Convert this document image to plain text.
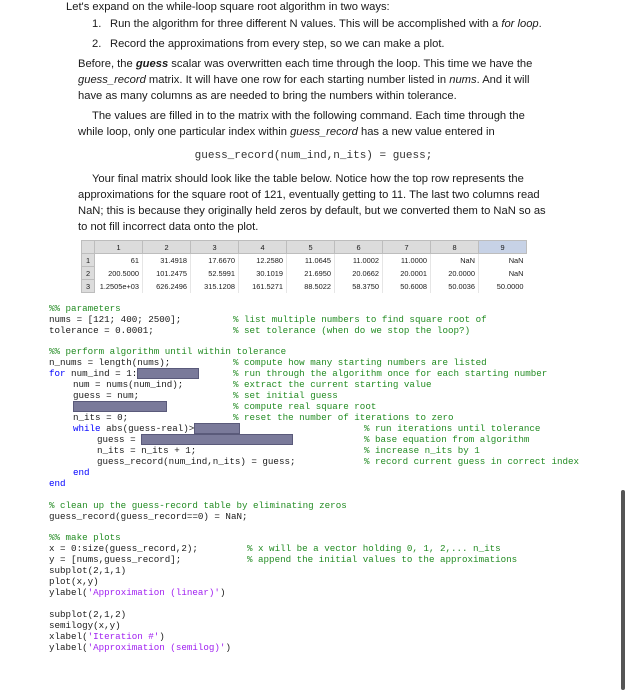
Let's expand on the while-loop square root algorithm in two ways:
1. Run the algorithm for three different N values. This will be accomplished with a for loop.
2. Record the approximations from every step, so we can make a plot.
Before, the guess scalar was overwritten each time through the loop. This time we have the
guess_record matrix. It will have one row for each starting number listed in nums. And it will
have as many columns as are needed to bring the numbers within tolerance.
The values are filled in to the matrix with the following command. Each time through the
while loop, only one particular index within guess_record has a new value entered in
guess_record(num_ind,n_its) = guess;
Your final matrix should look like the table below. Notice how the top row represents the
approximations for the square root of 121, eventually getting to 11. The last two columns read
NaN; this is because they originally held zeros by default, but we converted them to NaN so as
to not fill incorrect data onto the plot.
	1	2	3	4	5	6	7	8	9
1	61	31.4918	17.6670	12.2580	11.0645	11.0002	11.0000	NaN	NaN
2	200.5000	101.2475	52.5991	30.1019	21.6950	20.0662	20.0001	20.0000	NaN
3	1.2505e+03	626.2496	315.1208	161.5271	88.5022	58.3750	50.6008	50.0036	50.0000
%% parameters
nums = [121; 400; 2500];	% list multiple numbers to find square root of
tolerance = 0.0001;	% set tolerance (when do we stop the loop?)
%% perform algorithm until within tolerance
n_nums = length(nums);	% compute how many starting numbers are listed
for num_ind = 1:	% run through the algorithm once for each starting number
num = nums(num_ind);	% extract the current starting value
guess = num;	% set initial guess
% compute real square root
n_its = 0;	% reset the number of iterations to zero
while abs(guess-real)>	% run iterations until tolerance
guess =	% base equation from algorithm
n_its = n_its + 1;	% increase n_its by 1
guess_record(num_ind,n_its) = guess;	% record current guess in correct index
end
end
% clean up the guess-record table by eliminating zeros
guess_record(guess_record==0) = NaN;
%% make plots
x = 0:size(guess_record,2);	% x will be a vector holding 0, 1, 2,... n_its
y = [nums,guess_record];	% append the initial values to the approximations
subplot(2,1,1)
plot(x,y)
ylabel('Approximation (linear)')
subplot(2,1,2)
semilogy(x,y)
xlabel('Iteration #')
ylabel('Approximation (semilog)')
